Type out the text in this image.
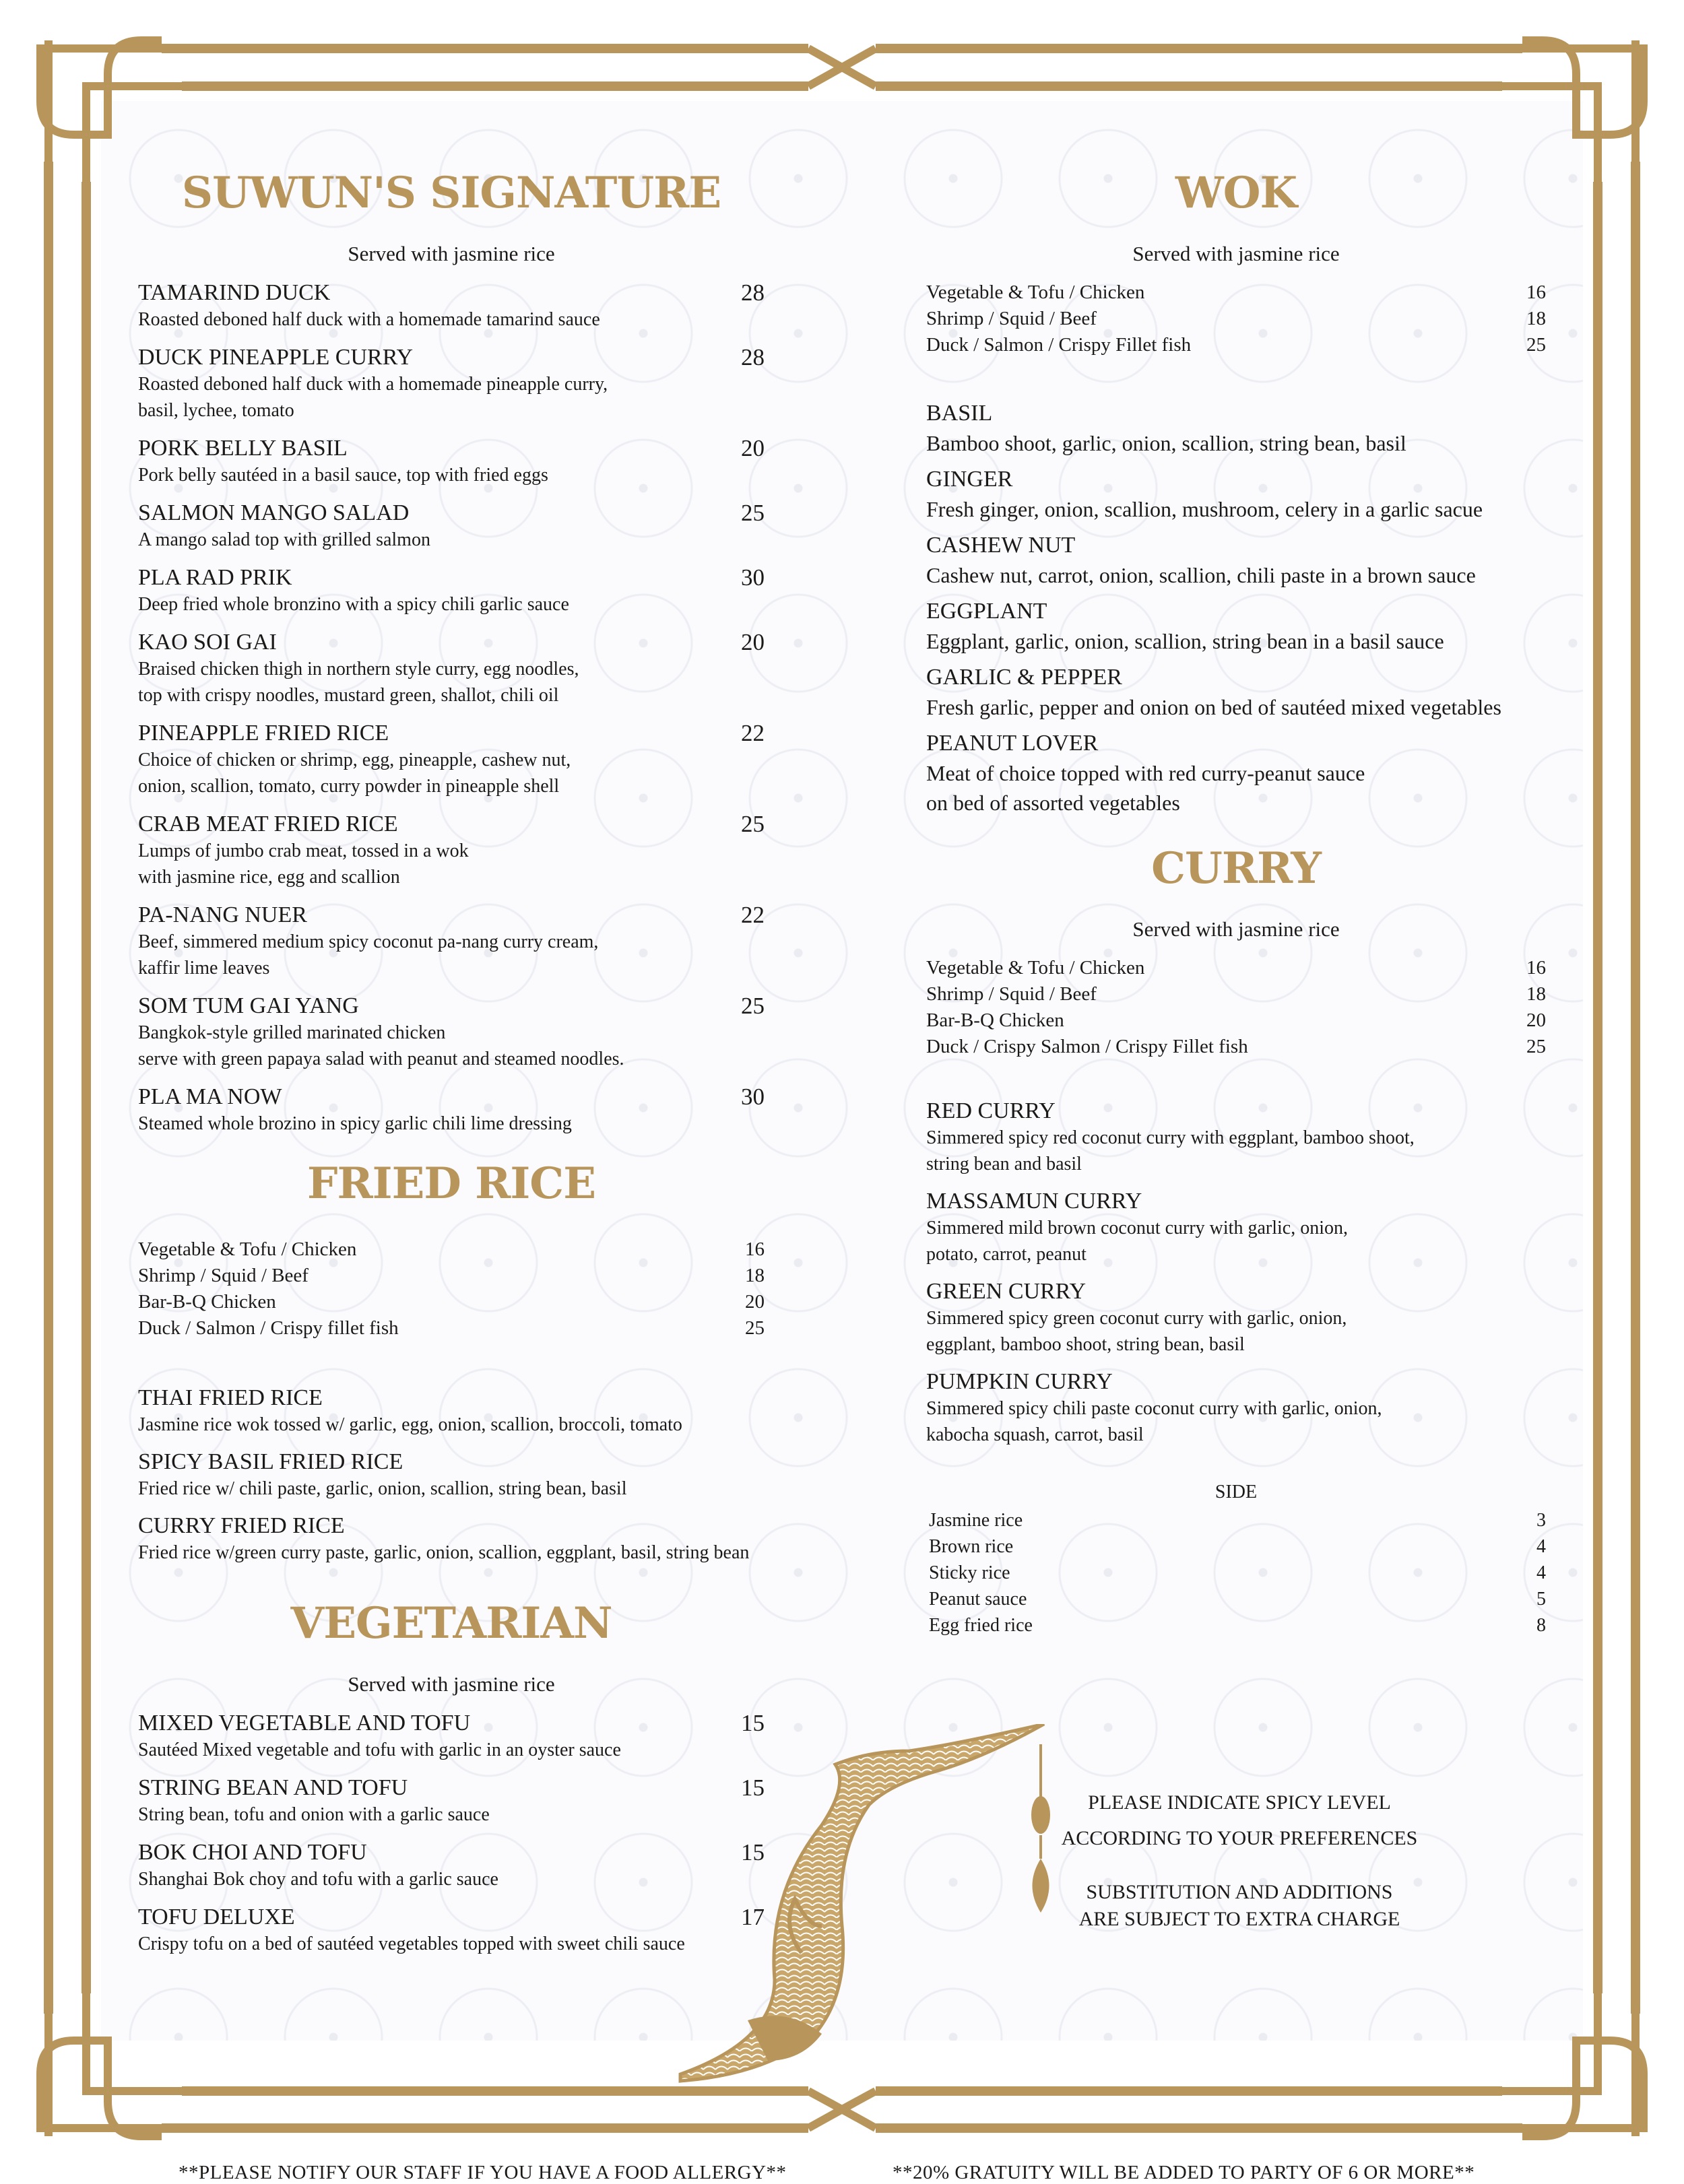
SUWUN'S SIGNATURE
Served with jasmine rice
TAMARIND DUCK	28
Roasted deboned half duck with a homemade tamarind sauce
DUCK PINEAPPLE CURRY	28
Roasted deboned half duck with a homemade pineapple curry,
basil, lychee, tomato
PORK BELLY BASIL	20
Pork belly sautéed in a basil sauce, top with fried eggs
SALMON MANGO SALAD	25
A mango salad top with grilled salmon
PLA RAD PRIK	30
Deep fried whole bronzino with a spicy chili garlic sauce
KAO SOI GAI	20
Braised chicken thigh in northern style curry, egg noodles,
top with crispy noodles, mustard green, shallot, chili oil
PINEAPPLE FRIED RICE	22
Choice of chicken or shrimp, egg, pineapple, cashew nut,
onion, scallion, tomato, curry powder in pineapple shell
CRAB MEAT FRIED RICE	25
Lumps of jumbo crab meat, tossed in a wok
with jasmine rice, egg and scallion
PA-NANG NUER	22
Beef, simmered medium spicy coconut pa-nang curry cream,
kaffir lime leaves
SOM TUM GAI YANG	25
Bangkok-style grilled marinated chicken
serve with green papaya salad with peanut and steamed noodles.
PLA MA NOW	30
Steamed whole brozino in spicy garlic chili lime dressing
FRIED RICE
Vegetable & Tofu / Chicken	16
Shrimp / Squid / Beef	18
Bar-B-Q Chicken	20
Duck / Salmon / Crispy fillet fish	25
THAI FRIED RICE
Jasmine rice wok tossed w/ garlic, egg, onion, scallion, broccoli, tomato
SPICY BASIL FRIED RICE
Fried rice w/ chili paste, garlic, onion, scallion, string bean, basil
CURRY FRIED RICE
Fried rice w/green curry paste, garlic, onion, scallion, eggplant, basil, string bean
VEGETARIAN
Served with jasmine rice
MIXED VEGETABLE AND TOFU	15
Sautéed Mixed vegetable and tofu with garlic in an oyster sauce
STRING BEAN AND TOFU	15
String bean, tofu and onion with a garlic sauce
BOK CHOI AND TOFU	15
Shanghai Bok choy and tofu with a garlic sauce
TOFU DELUXE	17
Crispy tofu on a bed of sautéed vegetables topped with sweet chili sauce
WOK
Served with jasmine rice
Vegetable & Tofu / Chicken	16
Shrimp / Squid / Beef	18
Duck / Salmon / Crispy Fillet fish	25
BASIL
Bamboo shoot, garlic, onion, scallion, string bean, basil
GINGER
Fresh ginger, onion, scallion, mushroom, celery in a garlic sacue
CASHEW NUT
Cashew nut, carrot, onion, scallion, chili paste in a brown sauce
EGGPLANT
Eggplant, garlic, onion, scallion, string bean in a basil sauce
GARLIC & PEPPER
Fresh garlic, pepper and onion on bed of sautéed mixed vegetables
PEANUT LOVER
Meat of choice topped with red curry-peanut sauce
on bed of assorted vegetables
CURRY
Served with jasmine rice
Vegetable & Tofu / Chicken	16
Shrimp / Squid / Beef	18
Bar-B-Q Chicken	20
Duck / Crispy Salmon / Crispy Fillet fish	25
RED CURRY
Simmered spicy red coconut curry with eggplant, bamboo shoot,
string bean and basil
MASSAMUN CURRY
Simmered mild brown coconut curry with garlic, onion,
potato, carrot, peanut
GREEN CURRY
Simmered spicy green coconut curry with garlic, onion,
eggplant, bamboo shoot, string bean, basil
PUMPKIN CURRY
Simmered spicy chili paste coconut curry with garlic, onion,
kabocha squash, carrot, basil
SIDE
Jasmine rice	3
Brown rice	4
Sticky rice	4
Peanut sauce	5
Egg fried rice	8
PLEASE INDICATE SPICY LEVEL
ACCORDING TO YOUR PREFERENCES
SUBSTITUTION AND ADDITIONS
ARE SUBJECT TO EXTRA CHARGE
**PLEASE NOTIFY OUR STAFF IF YOU HAVE A FOOD ALLERGY**	**20% GRATUITY WILL BE ADDED TO PARTY OF 6 OR MORE**
